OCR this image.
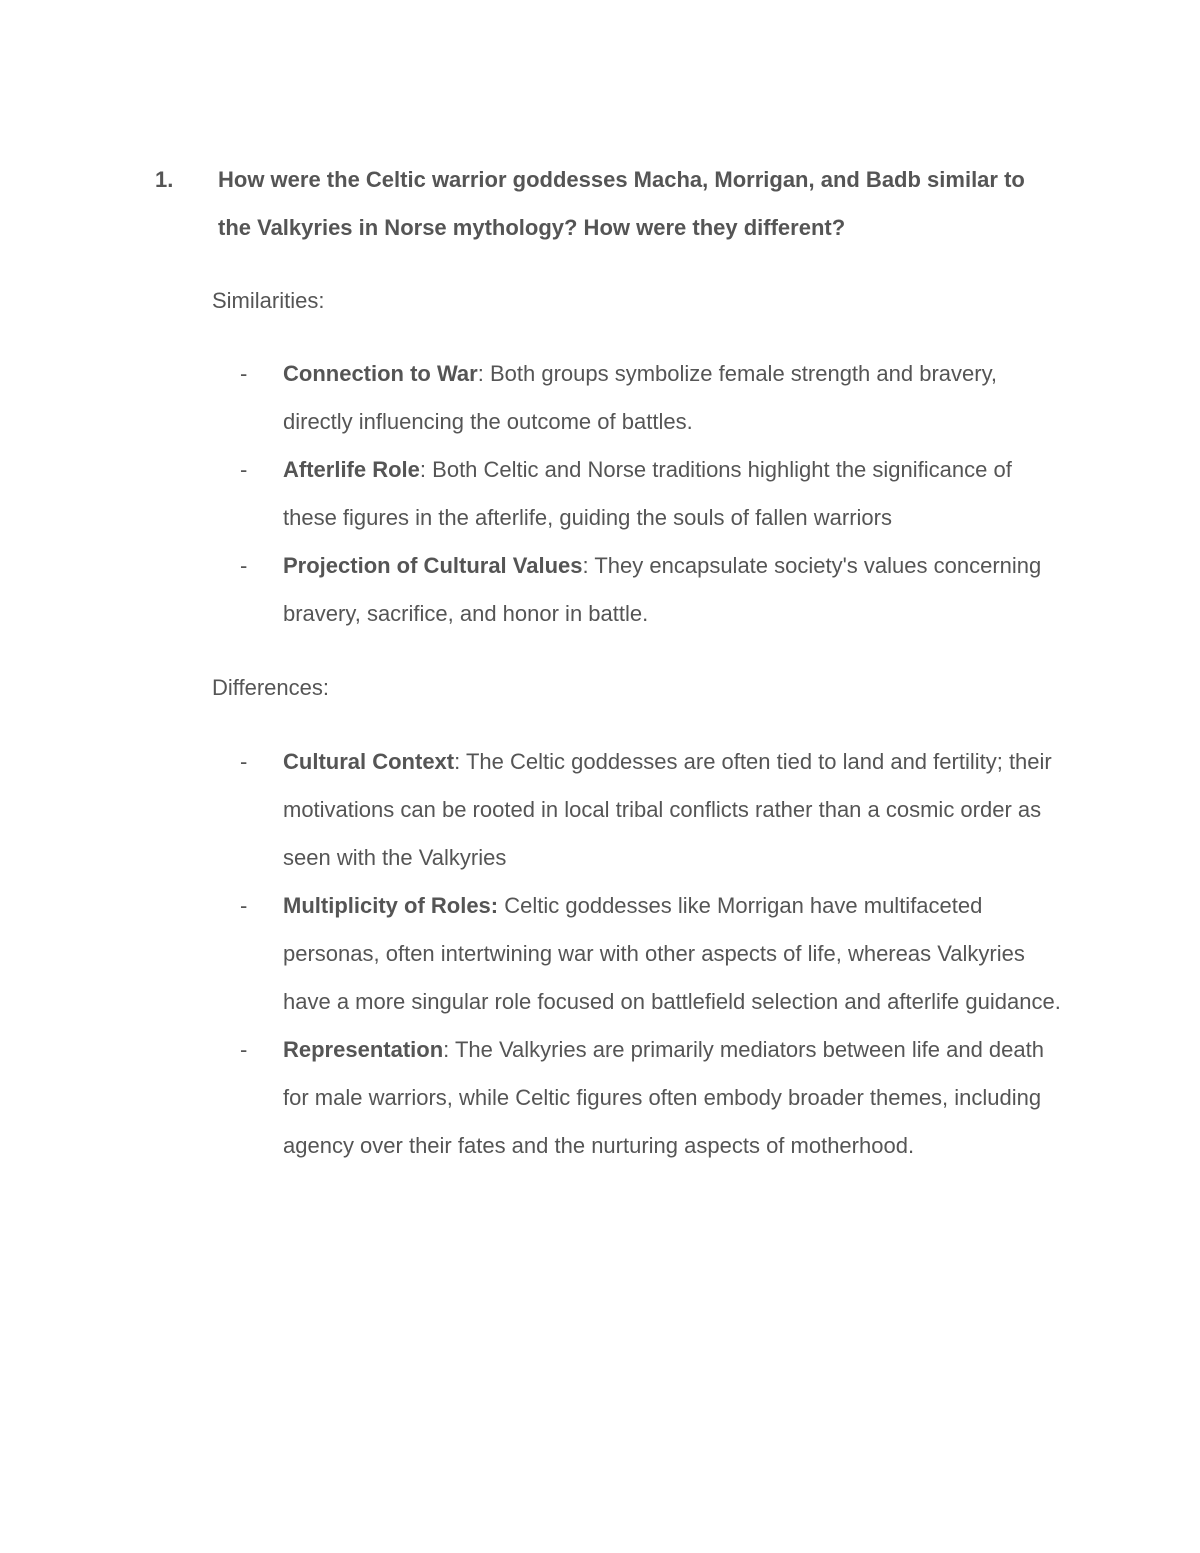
1.	How were the Celtic warrior goddesses Macha, Morrigan, and Badb similar to the Valkyries in Norse mythology? How were they different?
Similarities:
-	Connection to War: Both groups symbolize female strength and bravery, directly influencing the outcome of battles.
-	Afterlife Role: Both Celtic and Norse traditions highlight the significance of these figures in the afterlife, guiding the souls of fallen warriors
-	Projection of Cultural Values: They encapsulate society's values concerning bravery, sacrifice, and honor in battle.
Differences:
-	Cultural Context: The Celtic goddesses are often tied to land and fertility; their motivations can be rooted in local tribal conflicts rather than a cosmic order as seen with the Valkyries
-	Multiplicity of Roles: Celtic goddesses like Morrigan have multifaceted personas, often intertwining war with other aspects of life, whereas Valkyries have a more singular role focused on battlefield selection and afterlife guidance.
-	Representation: The Valkyries are primarily mediators between life and death for male warriors, while Celtic figures often embody broader themes, including agency over their fates and the nurturing aspects of motherhood.
